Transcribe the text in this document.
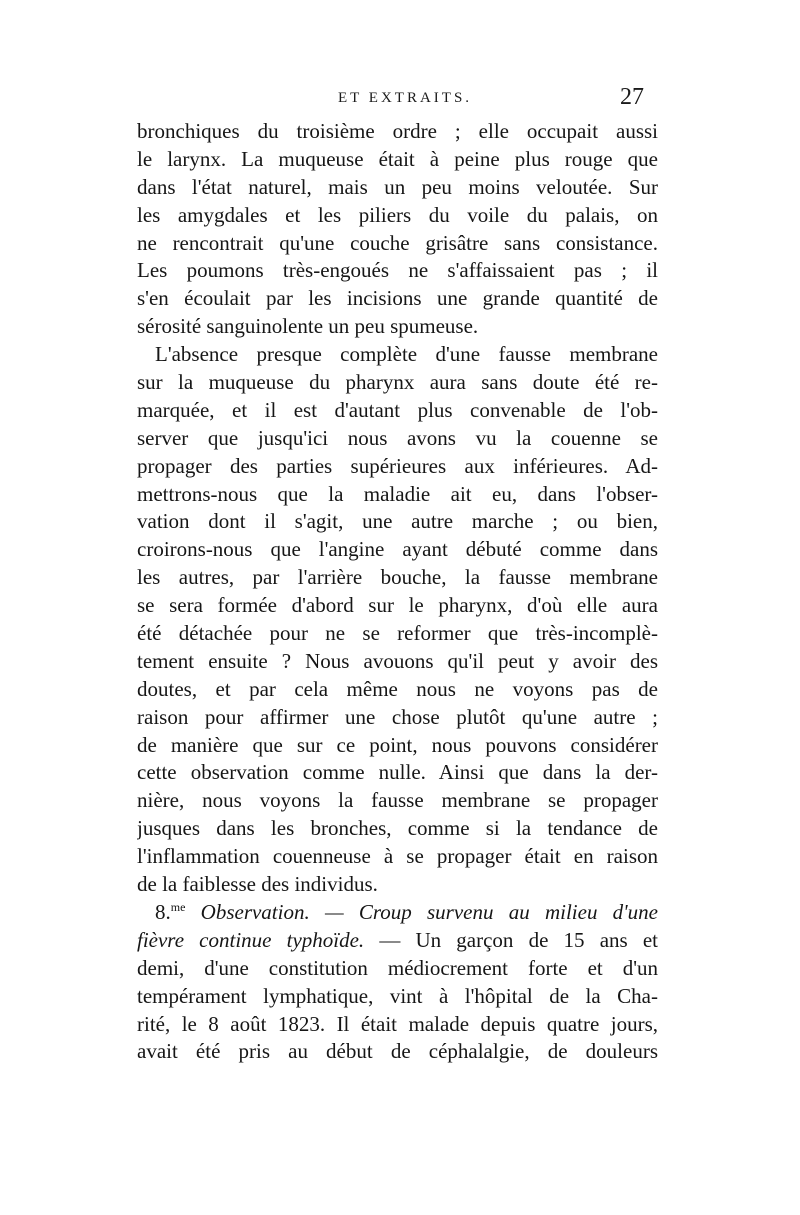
ET EXTRAITS.	27
bronchiques du troisième ordre ; elle occupait aussi
le larynx. La muqueuse était à peine plus rouge que
dans l'état naturel, mais un peu moins veloutée. Sur
les amygdales et les piliers du voile du palais, on
ne rencontrait qu'une couche grisâtre sans consistance.
Les poumons très-engoués ne s'affaissaient pas ; il
s'en écoulait par les incisions une grande quantité de
sérosité sanguinolente un peu spumeuse.
L'absence presque complète d'une fausse membrane
sur la muqueuse du pharynx aura sans doute été re-
marquée, et il est d'autant plus convenable de l'ob-
server que jusqu'ici nous avons vu la couenne se
propager des parties supérieures aux inférieures. Ad-
mettrons-nous que la maladie ait eu, dans l'obser-
vation dont il s'agit, une autre marche ; ou bien,
croirons-nous que l'angine ayant débuté comme dans
les autres, par l'arrière bouche, la fausse membrane
se sera formée d'abord sur le pharynx, d'où elle aura
été détachée pour ne se reformer que très-incomplè-
tement ensuite ? Nous avouons qu'il peut y avoir des
doutes, et par cela même nous ne voyons pas de
raison pour affirmer une chose plutôt qu'une autre ;
de manière que sur ce point, nous pouvons considérer
cette observation comme nulle. Ainsi que dans la der-
nière, nous voyons la fausse membrane se propager
jusques dans les bronches, comme si la tendance de
l'inflammation couenneuse à se propager était en raison
de la faiblesse des individus.
8.$^{me}$ Observation. — Croup survenu au milieu d'une
fièvre continue typhoïde. — Un garçon de 15 ans et
demi, d'une constitution médiocrement forte et d'un
tempérament lymphatique, vint à l'hôpital de la Cha-
rité, le 8 août 1823. Il était malade depuis quatre jours,
avait été pris au début de céphalalgie, de douleurs
